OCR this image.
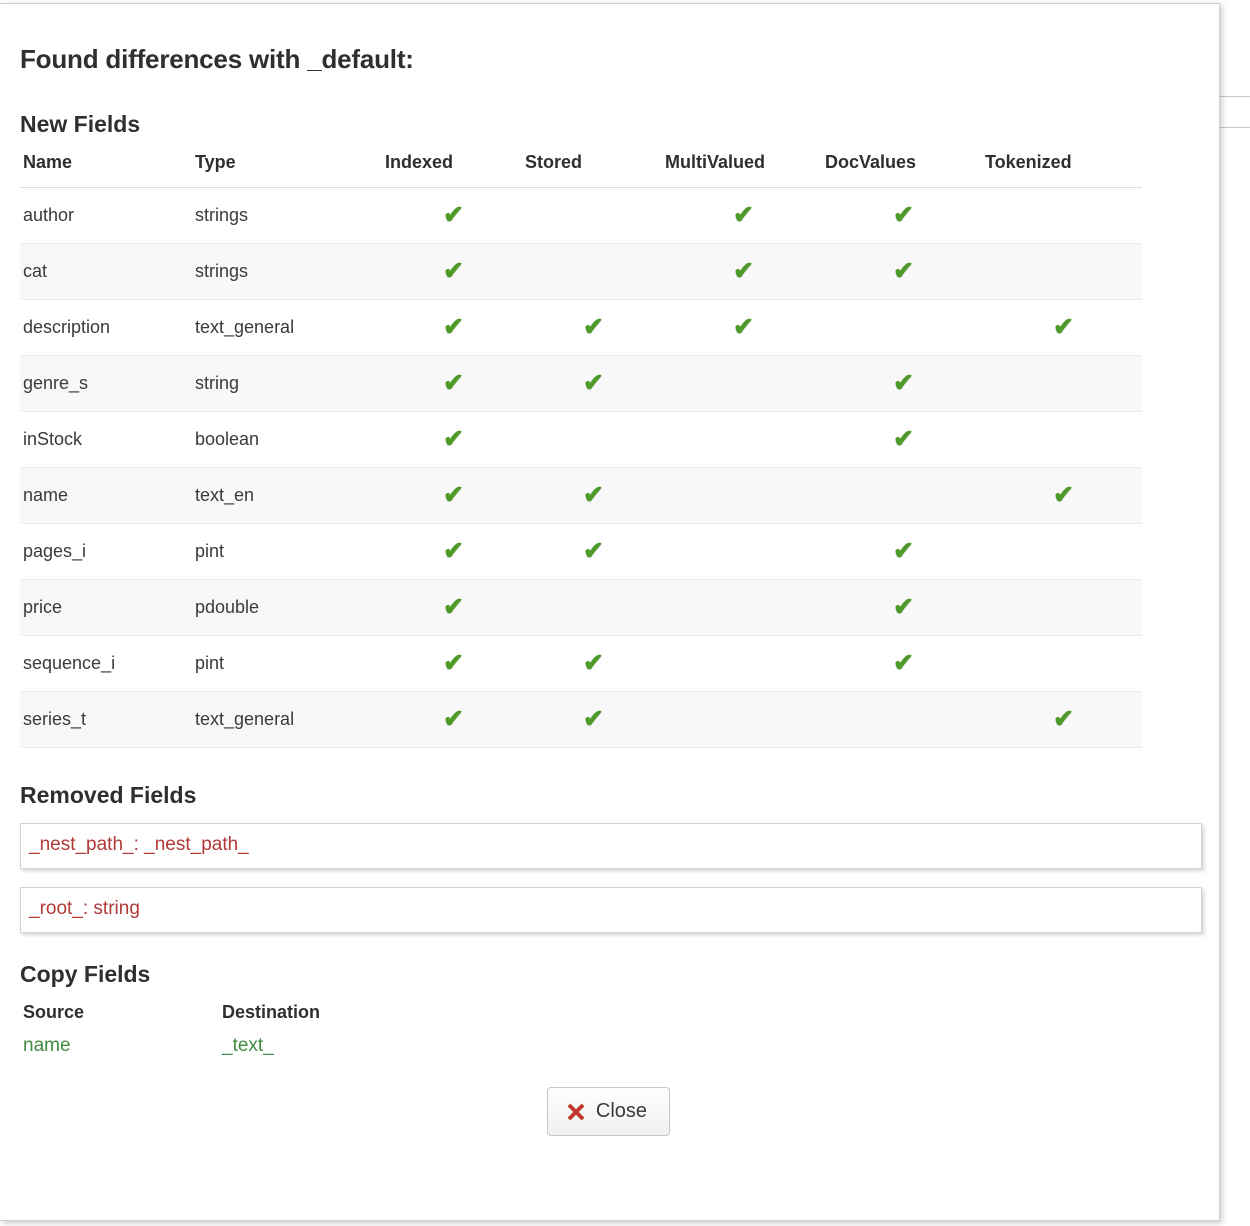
Found differences with _default:
New Fields
Name	Type	Indexed	Stored	MultiValued	DocValues	Tokenized
author	strings	✔		✔	✔	
cat	strings	✔		✔	✔	
description	text_general	✔	✔	✔		✔
genre_s	string	✔	✔		✔	
inStock	boolean	✔			✔	
name	text_en	✔	✔			✔
pages_i	pint	✔	✔		✔	
price	pdouble	✔			✔	
sequence_i	pint	✔	✔		✔	
series_t	text_general	✔	✔			✔
Removed Fields
_nest_path_: _nest_path_
_root_: string
Copy Fields
Source	Destination
name	_text_
Close
